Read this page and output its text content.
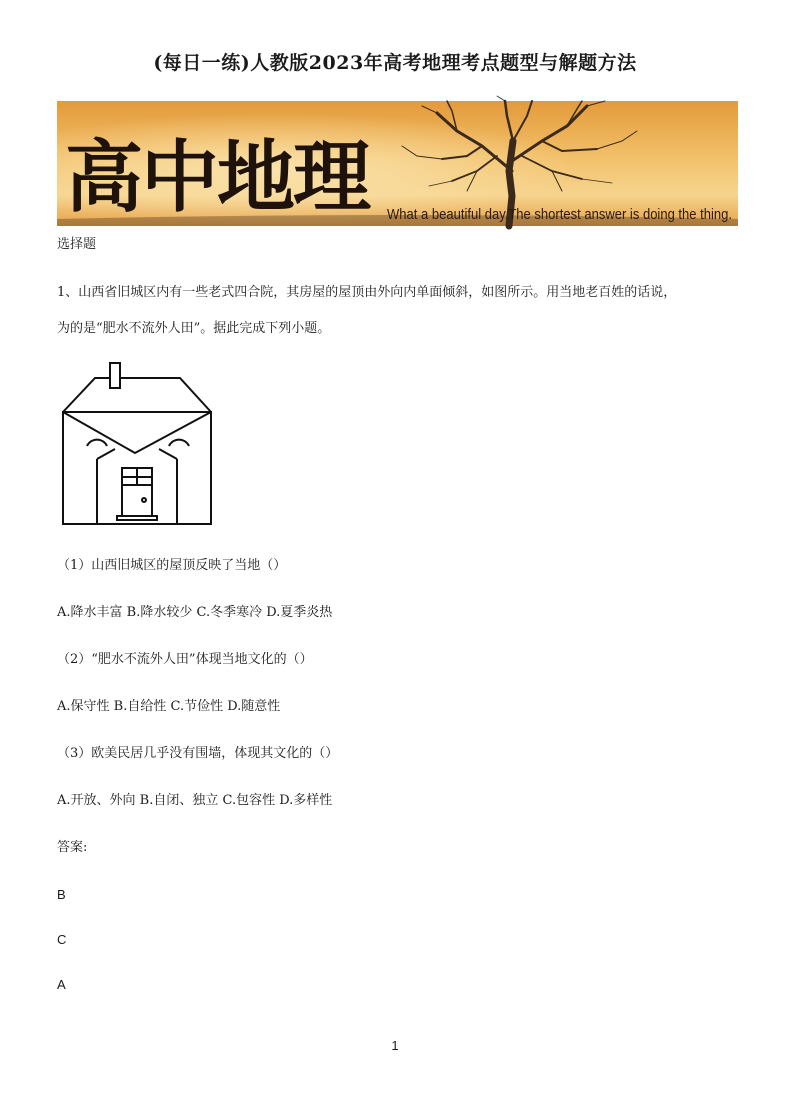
(每日一练)人教版2023年高考地理考点题型与解题方法
高中地理 What a beautiful day.The shortest answer is doing the thing.
选择题
1、山西省旧城区内有一些老式四合院，其房屋的屋顶由外向内单面倾斜，如图所示。用当地老百姓的话说，
为的是“肥水不流外人田”。据此完成下列小题。
（1）山西旧城区的屋顶反映了当地（）
A.降水丰富 B.降水较少 C.冬季寒冷 D.夏季炎热
（2）“肥水不流外人田”体现当地文化的（）
A.保守性 B.自给性 C.节俭性 D.随意性
（3）欧美民居几乎没有围墙，体现其文化的（）
A.开放、外向 B.自闭、独立 C.包容性 D.多样性
答案:
B
C
A
1
